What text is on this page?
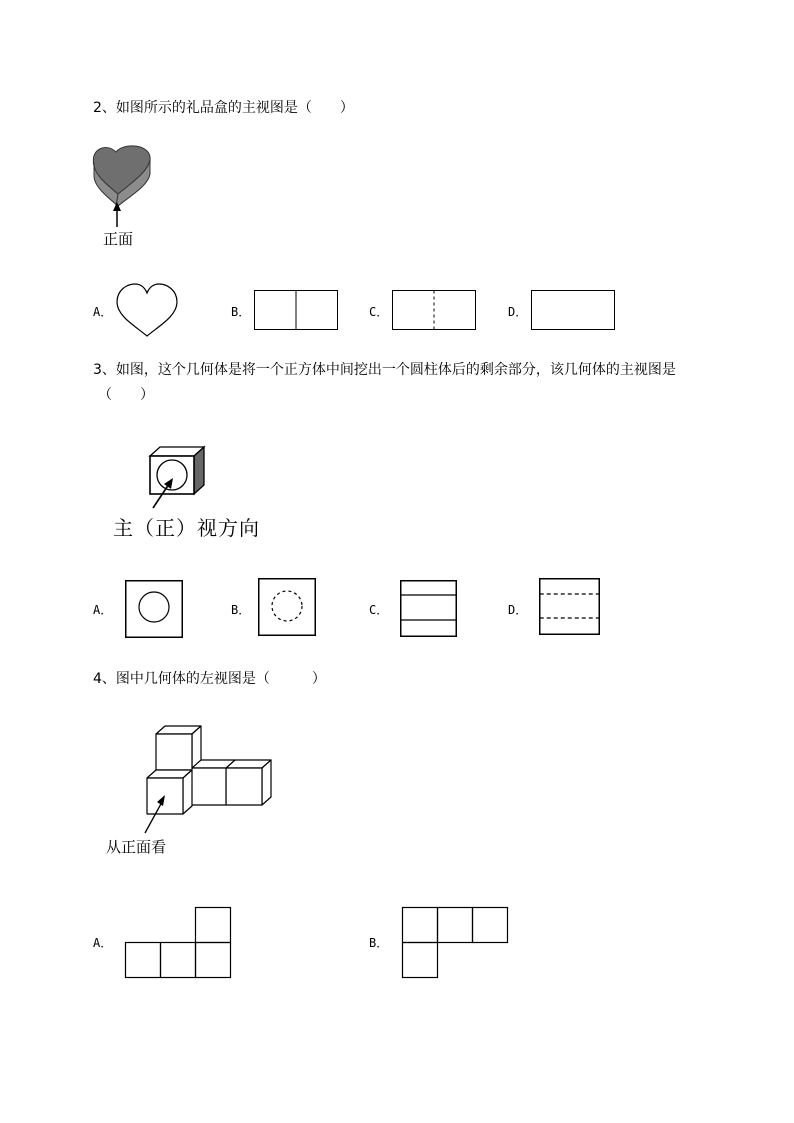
2、如图所示的礼品盒的主视图是（　　）
正面
A．	B．	C．	D．
3、如图，这个几何体是将一个正方体中间挖出一个圆柱体后的剩余部分，该几何体的主视图是
（　　）
主（正）视方向
A．	B．	C．	D．
4、图中几何体的左视图是（　　　）
从正面看
A．	B．
